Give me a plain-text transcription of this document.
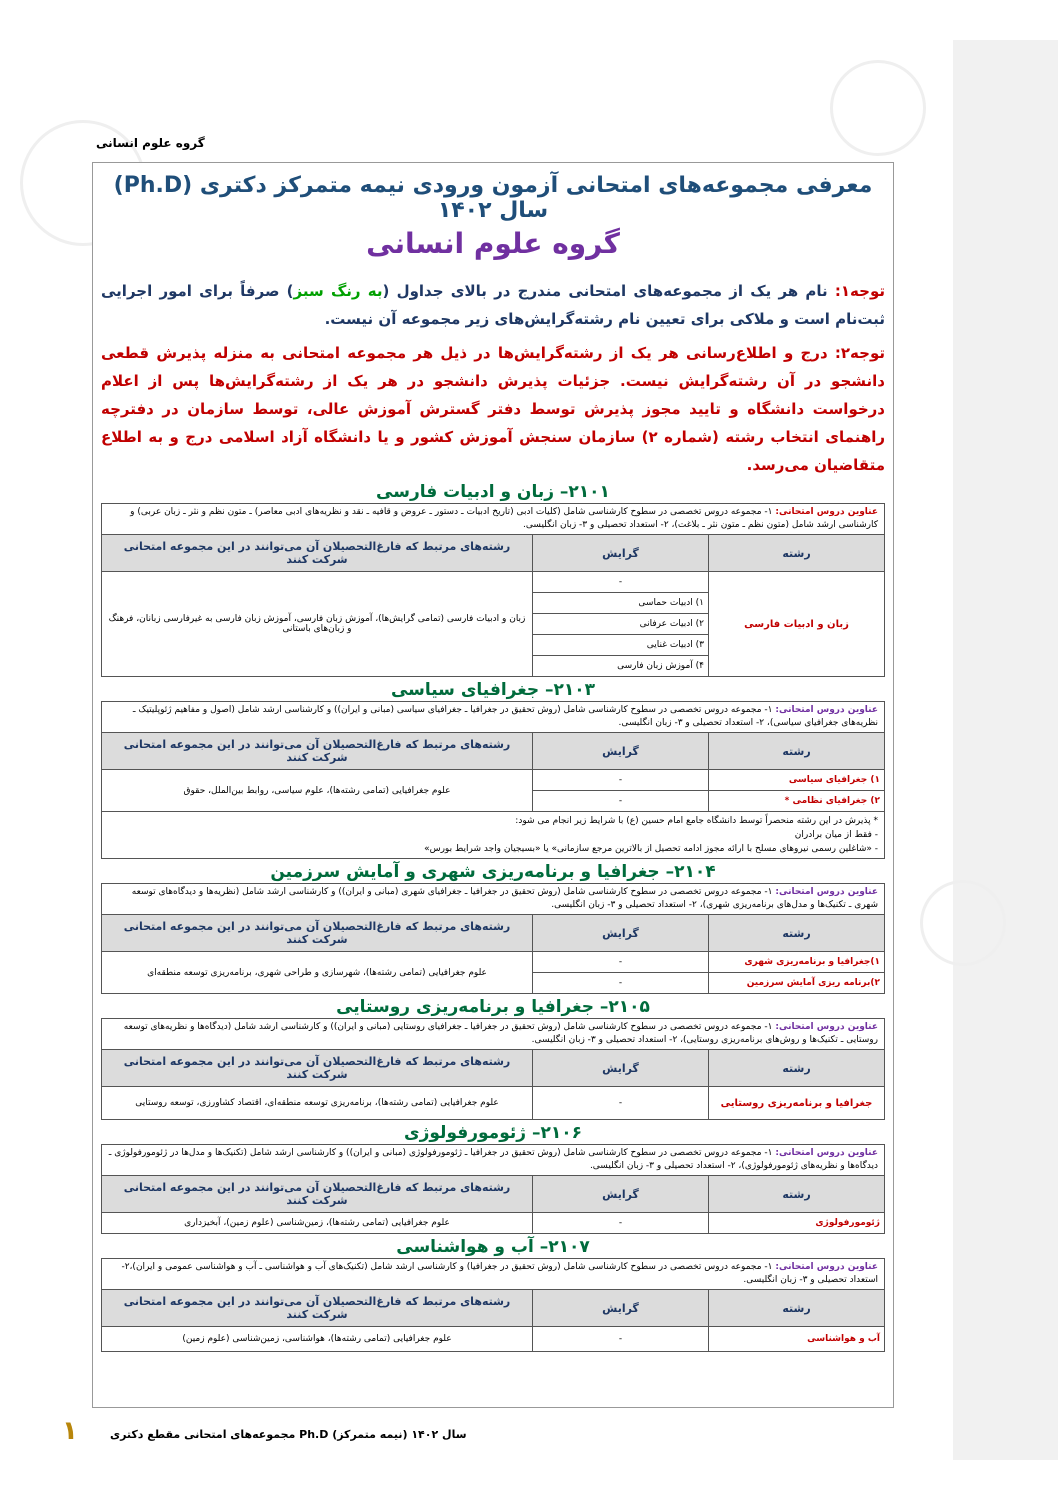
گروه علوم انسانی
معرفی مجموعه‌های امتحانی آزمون ورودی نیمه متمرکز دکتری (Ph.D) سال ۱۴۰۲
گروه علوم انسانی
توجه۱: نام هر یک از مجموعه‌های امتحانی مندرج در بالای جداول (به رنگ سبز) صرفاً برای امور اجرایی ثبت‌نام است و ملاکی برای تعیین نام رشته‌گرایش‌های زیر مجموعه آن نیست.
توجه۲: درج و اطلاع‌رسانی هر یک از رشته‌گرایش‌ها در ذیل هر مجموعه امتحانی به منزله پذیرش قطعی دانشجو در آن رشته‌گرایش نیست. جزئیات پذیرش دانشجو در هر یک از رشته‌گرایش‌ها پس از اعلام درخواست دانشگاه و تایید مجوز پذیرش توسط دفتر گسترش آموزش عالی، توسط سازمان در دفترچه راهنمای انتخاب رشته (شماره ۲) سازمان سنجش آموزش کشور و یا دانشگاه آزاد اسلامی درج و به اطلاع متقاضیان می‌رسد.
۲۱۰۱– زبان و ادبیات فارسی
عناوین دروس امتحانی: ۱- مجموعه دروس تخصصی در سطوح کارشناسی شامل (کلیات ادبی (تاریخ ادبیات ـ دستور ـ عروض و قافیه ـ نقد و نظریه‌های ادبی معاصر) ـ متون نظم و نثر ـ زبان عربی) و کارشناسی ارشد شامل (متون نظم ـ متون نثر ـ بلاغت)، ۲- استعداد تحصیلی و ۳- زبان انگلیسی.		
رشته	گرایش	رشته‌های مرتبط که فارغ‌التحصیلان آن می‌توانند در این مجموعه امتحانی شرکت کنند
زبان و ادبیات فارسی	-	زبان و ادبیات فارسی (تمامی گرایش‌ها)، آموزش زبان فارسی، آموزش زبان فارسی به غیرفارسی زبانان، فرهنگ و زبان‌های باستانی
	۱) ادبیات حماسی	
	۲) ادبیات عرفانی	
	۳) ادبیات غنایی	
	۴) آموزش زبان فارسی	
۲۱۰۳– جغرافیای سیاسی
عناوین دروس امتحانی: ۱- مجموعه دروس تخصصی در سطوح کارشناسی شامل (روش تحقیق در جغرافیا ـ جغرافیای سیاسی (مبانی و ایران)) و کارشناسی ارشد شامل (اصول و مفاهیم ژئوپلیتیک ـ نظریه‌های جغرافیای سیاسی)، ۲- استعداد تحصیلی و ۳- زبان انگلیسی.		
رشته	گرایش	رشته‌های مرتبط که فارغ‌التحصیلان آن می‌توانند در این مجموعه امتحانی شرکت کنند
۱) جغرافیای سیاسی	-	علوم جغرافیایی (تمامی رشته‌ها)، علوم سیاسی، روابط بین‌الملل، حقوق
۲) جغرافیای نظامی *	-	

* پذیرش در این رشته منحصراً توسط دانشگاه جامع امام حسین (ع) با شرایط زیر انجام می شود:
- فقط از میان برادران
- «شاغلین رسمی نیروهای مسلح با ارائه مجوز ادامه تحصیل از بالاترین مرجع سازمانی» یا «بسیجیان واجد شرایط بورس»		
۲۱۰۴– جغرافیا و برنامه‌ریزی شهری و آمایش سرزمین
عناوین دروس امتحانی: ۱- مجموعه دروس تخصصی در سطوح کارشناسی شامل (روش تحقیق در جغرافیا ـ جغرافیای شهری (مبانی و ایران)) و کارشناسی ارشد شامل (نظریه‌ها و دیدگاه‌های توسعه شهری ـ تکنیک‌ها و مدل‌های برنامه‌ریزی شهری)، ۲- استعداد تحصیلی و ۳- زبان انگلیسی.		
رشته	گرایش	رشته‌های مرتبط که فارغ‌التحصیلان آن می‌توانند در این مجموعه امتحانی شرکت کنند
۱)جغرافیا و برنامه‌ریزی شهری	-	علوم جغرافیایی (تمامی رشته‌ها)، شهرسازی و طراحی شهری، برنامه‌ریزی توسعه منطقه‌ای
۲)برنامه ریزی آمایش سرزمین	-	
۲۱۰۵– جغرافیا و برنامه‌ریزی روستایی
عناوین دروس امتحانی: ۱- مجموعه دروس تخصصی در سطوح کارشناسی شامل (روش تحقیق در جغرافیا ـ جغرافیای روستایی (مبانی و ایران)) و کارشناسی ارشد شامل (دیدگاه‌ها و نظریه‌های توسعه روستایی ـ تکنیک‌ها و روش‌های برنامه‌ریزی روستایی)، ۲- استعداد تحصیلی و ۳- زبان انگلیسی.		
رشته	گرایش	رشته‌های مرتبط که فارغ‌التحصیلان آن می‌توانند در این مجموعه امتحانی شرکت کنند
جغرافیا و برنامه‌ریزی روستایی	-	علوم جغرافیایی (تمامی رشته‌ها)، برنامه‌ریزی توسعه منطقه‌ای، اقتصاد کشاورزی، توسعه روستایی
۲۱۰۶– ژئومورفولوژی
عناوین دروس امتحانی: ۱- مجموعه دروس تخصصی در سطوح کارشناسی شامل (روش تحقیق در جغرافیا ـ ژئومورفولوژی (مبانی و ایران)) و کارشناسی ارشد شامل (تکنیک‌ها و مدل‌ها در ژئومورفولوژی ـ دیدگاه‌ها و نظریه‌های ژئومورفولوژی)، ۲- استعداد تحصیلی و ۳- زبان انگلیسی.		
رشته	گرایش	رشته‌های مرتبط که فارغ‌التحصیلان آن می‌توانند در این مجموعه امتحانی شرکت کنند
ژئومورفولوژی	-	علوم جغرافیایی (تمامی رشته‌ها)، زمین‌شناسی (علوم زمین)، آبخیزداری
۲۱۰۷– آب و هواشناسی
عناوین دروس امتحانی: ۱- مجموعه دروس تخصصی در سطوح کارشناسی شامل (روش تحقیق در جغرافیا) و کارشناسی ارشد شامل (تکنیک‌های آب و هواشناسی ـ آب و هواشناسی عمومی و ایران)،۲- استعداد تحصیلی و ۳- زبان انگلیسی.		
رشته	گرایش	رشته‌های مرتبط که فارغ‌التحصیلان آن می‌توانند در این مجموعه امتحانی شرکت کنند
آب و هواشناسی	-	علوم جغرافیایی (تمامی رشته‌ها)، هواشناسی، زمین‌شناسی (علوم زمین)
مجموعه‌های امتحانی مقطع دکتری Ph.D (نیمه متمرکز) سال ۱۴۰۲
۱
